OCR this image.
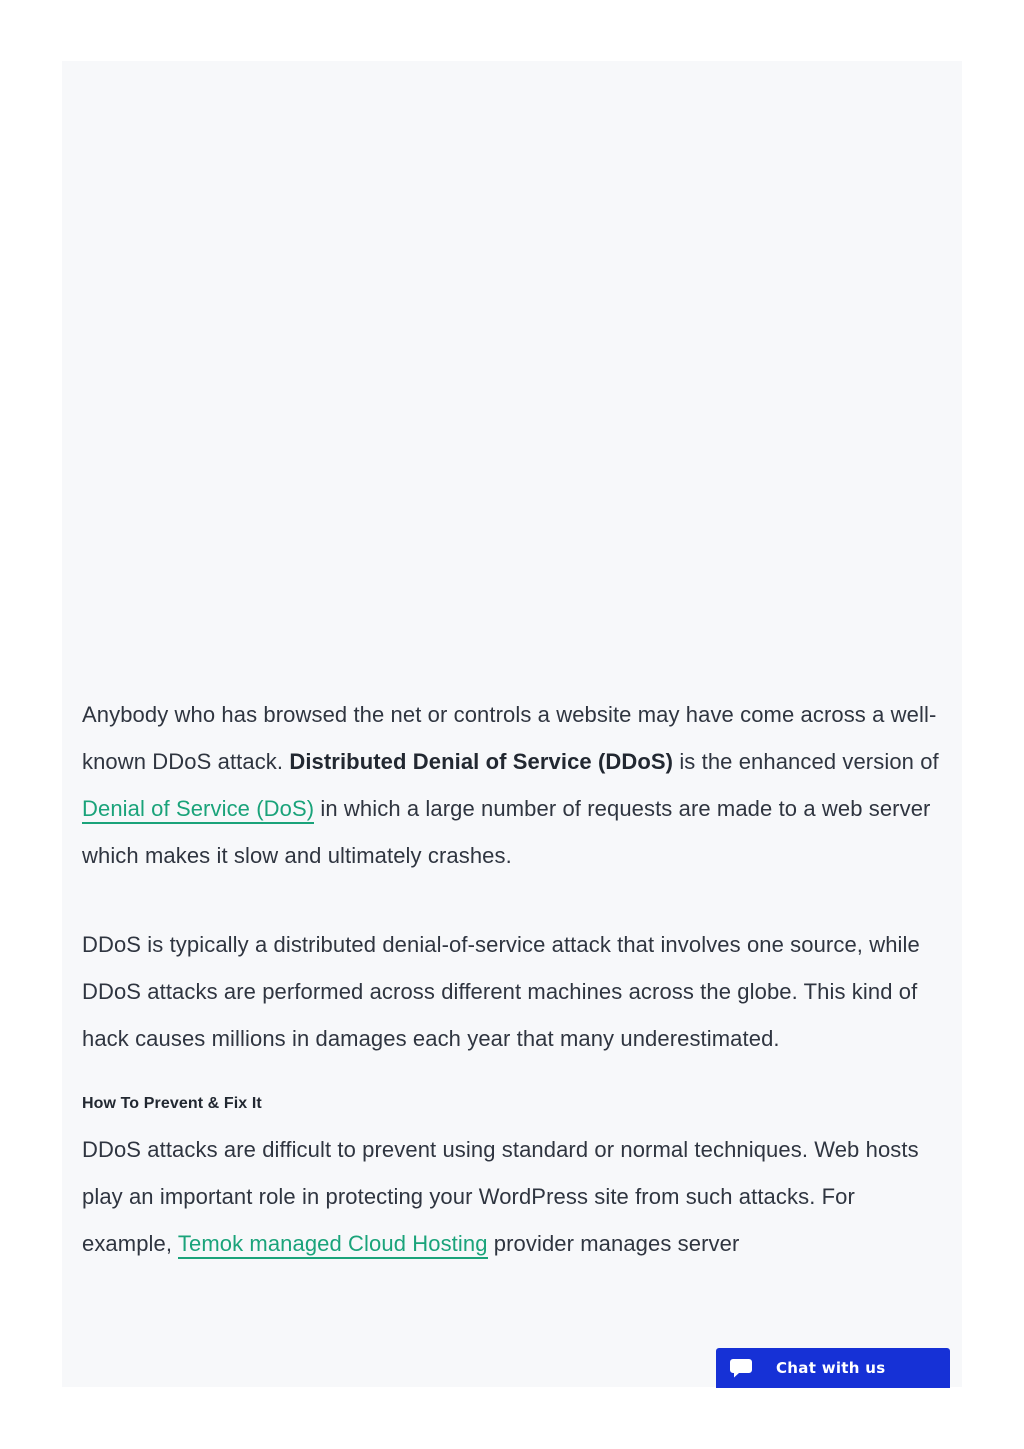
Anybody who has browsed the net or controls a website may have come across a well-known DDoS attack. Distributed Denial of Service (DDoS) is the enhanced version of Denial of Service (DoS) in which a large number of requests are made to a web server which makes it slow and ultimately crashes.

DDoS is typically a distributed denial-of-service attack that involves one source, while DDoS attacks are performed across different machines across the globe. This kind of hack causes millions in damages each year that many underestimated.

How To Prevent & Fix It

DDoS attacks are difficult to prevent using standard or normal techniques. Web hosts play an important role in protecting your WordPress site from such attacks. For example, Temok managed Cloud Hosting provider manages server

Chat with us
